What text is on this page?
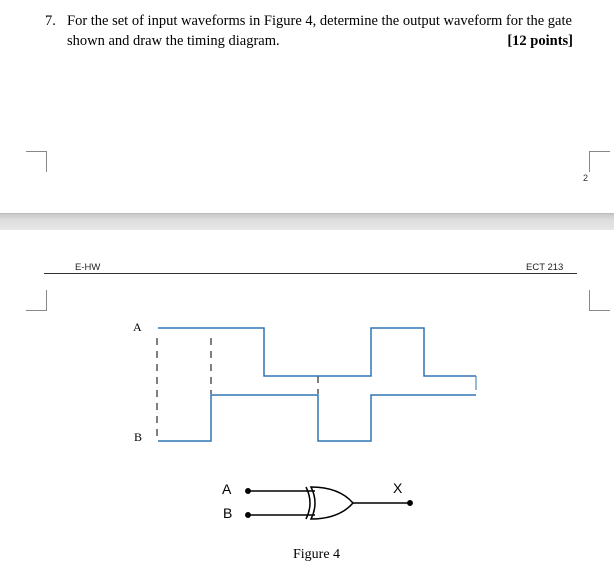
7. For the set of input waveforms in Figure 4, determine the output waveform for the gate
shown and draw the timing diagram.	[12 points]
2
E-HW	ECT 213
A
B
A
B
X
Figure 4
